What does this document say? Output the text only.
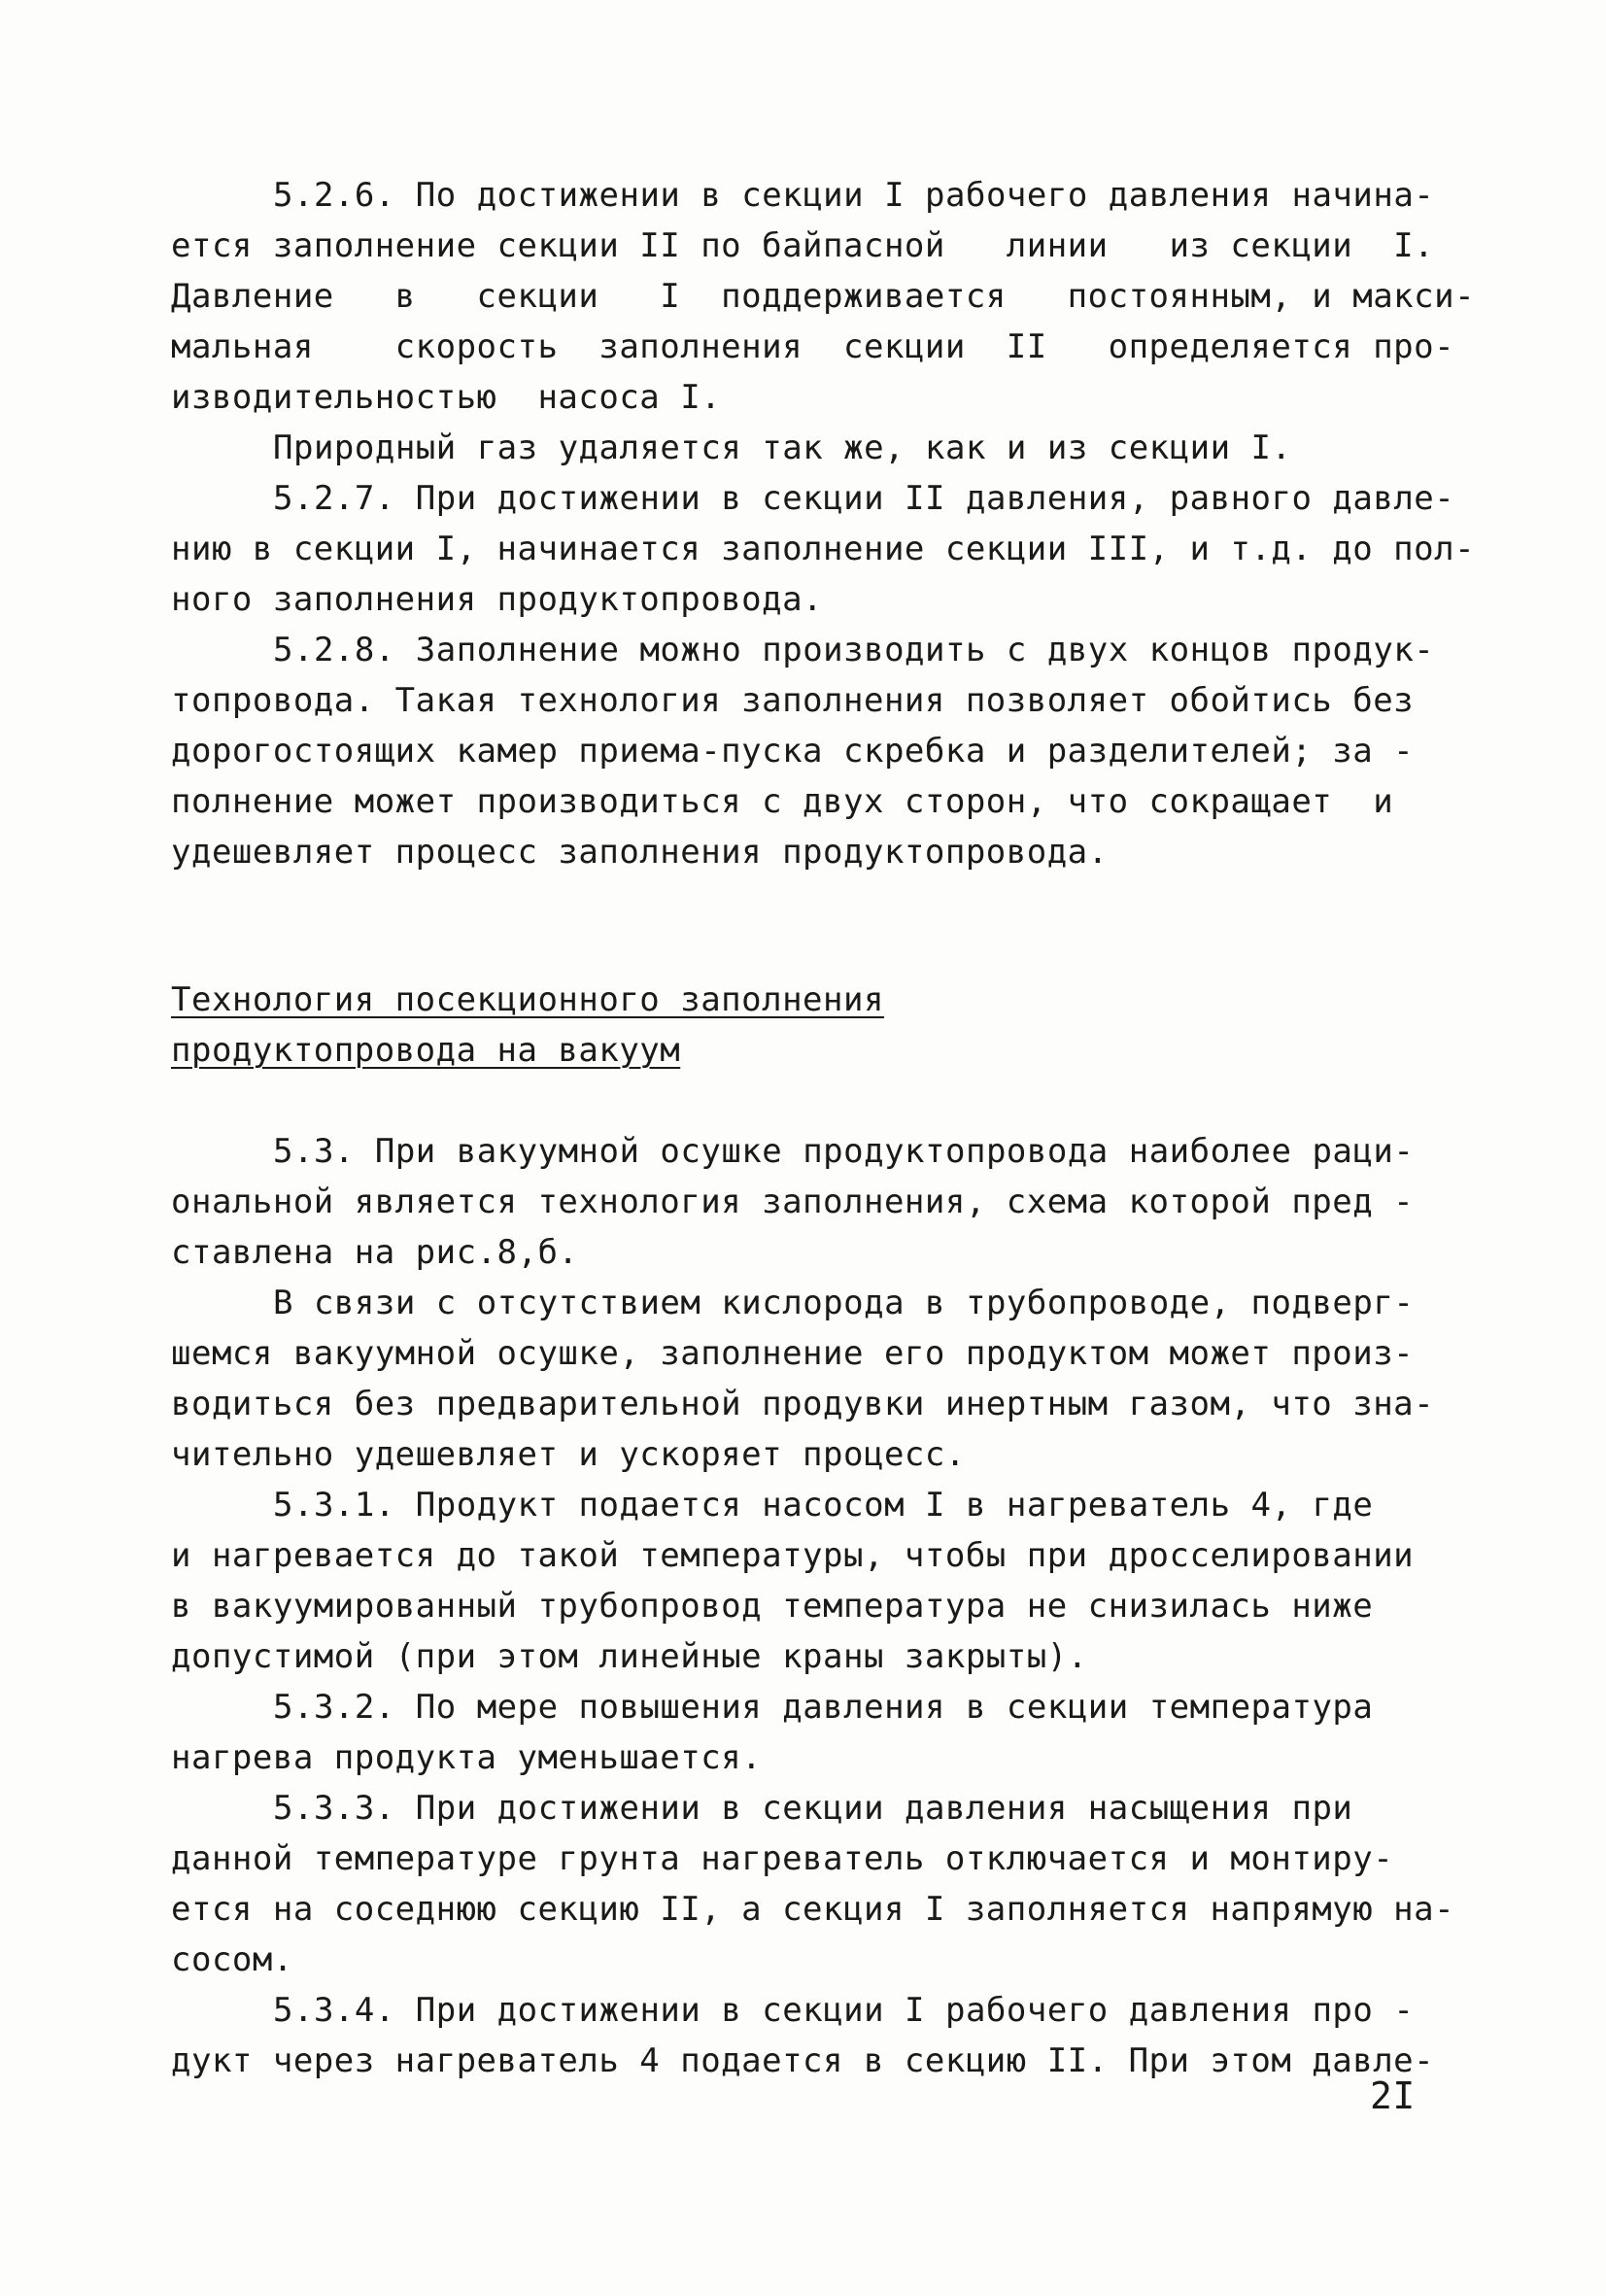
5.2.6. По достижении в секции I рабочего давления начина-
ется заполнение секции II по байпасной   линии   из секции  I.
Давление   в   секции   I  поддерживается   постоянным, и макси-
мальная    скорость  заполнения  секции  II   определяется про-
изводительностью  насоса I.
Природный газ удаляется так же, как и из секции I.
5.2.7. При достижении в секции II давления, равного давле-
нию в секции I, начинается заполнение секции III, и т.д. до пол-
ного заполнения продуктопровода.
5.2.8. Заполнение можно производить с двух концов продук-
топровода. Такая технология заполнения позволяет обойтись без
дорогостоящих камер приема-пуска скребка и разделителей; за -
полнение может производиться с двух сторон, что сокращает  и
удешевляет процесс заполнения продуктопровода.
Технология посекционного заполнения
продуктопровода на вакуум
5.3. При вакуумной осушке продуктопровода наиболее раци-
ональной является технология заполнения, схема которой пред -
ставлена на рис.8,б.
В связи с отсутствием кислорода в трубопроводе, подверг-
шемся вакуумной осушке, заполнение его продуктом может произ-
водиться без предварительной продувки инертным газом, что зна-
чительно удешевляет и ускоряет процесс.
5.3.1. Продукт подается насосом I в нагреватель 4, где
и нагревается до такой температуры, чтобы при дросселировании
в вакуумированный трубопровод температура не снизилась ниже
допустимой (при этом линейные краны закрыты).
5.3.2. По мере повышения давления в секции температура
нагрева продукта уменьшается.
5.3.3. При достижении в секции давления насыщения при
данной температуре грунта нагреватель отключается и монтиру-
ется на соседнюю секцию II, а секция I заполняется напрямую на-
сосом.
5.3.4. При достижении в секции I рабочего давления про -
дукт через нагреватель 4 подается в секцию II. При этом давле-
2I
